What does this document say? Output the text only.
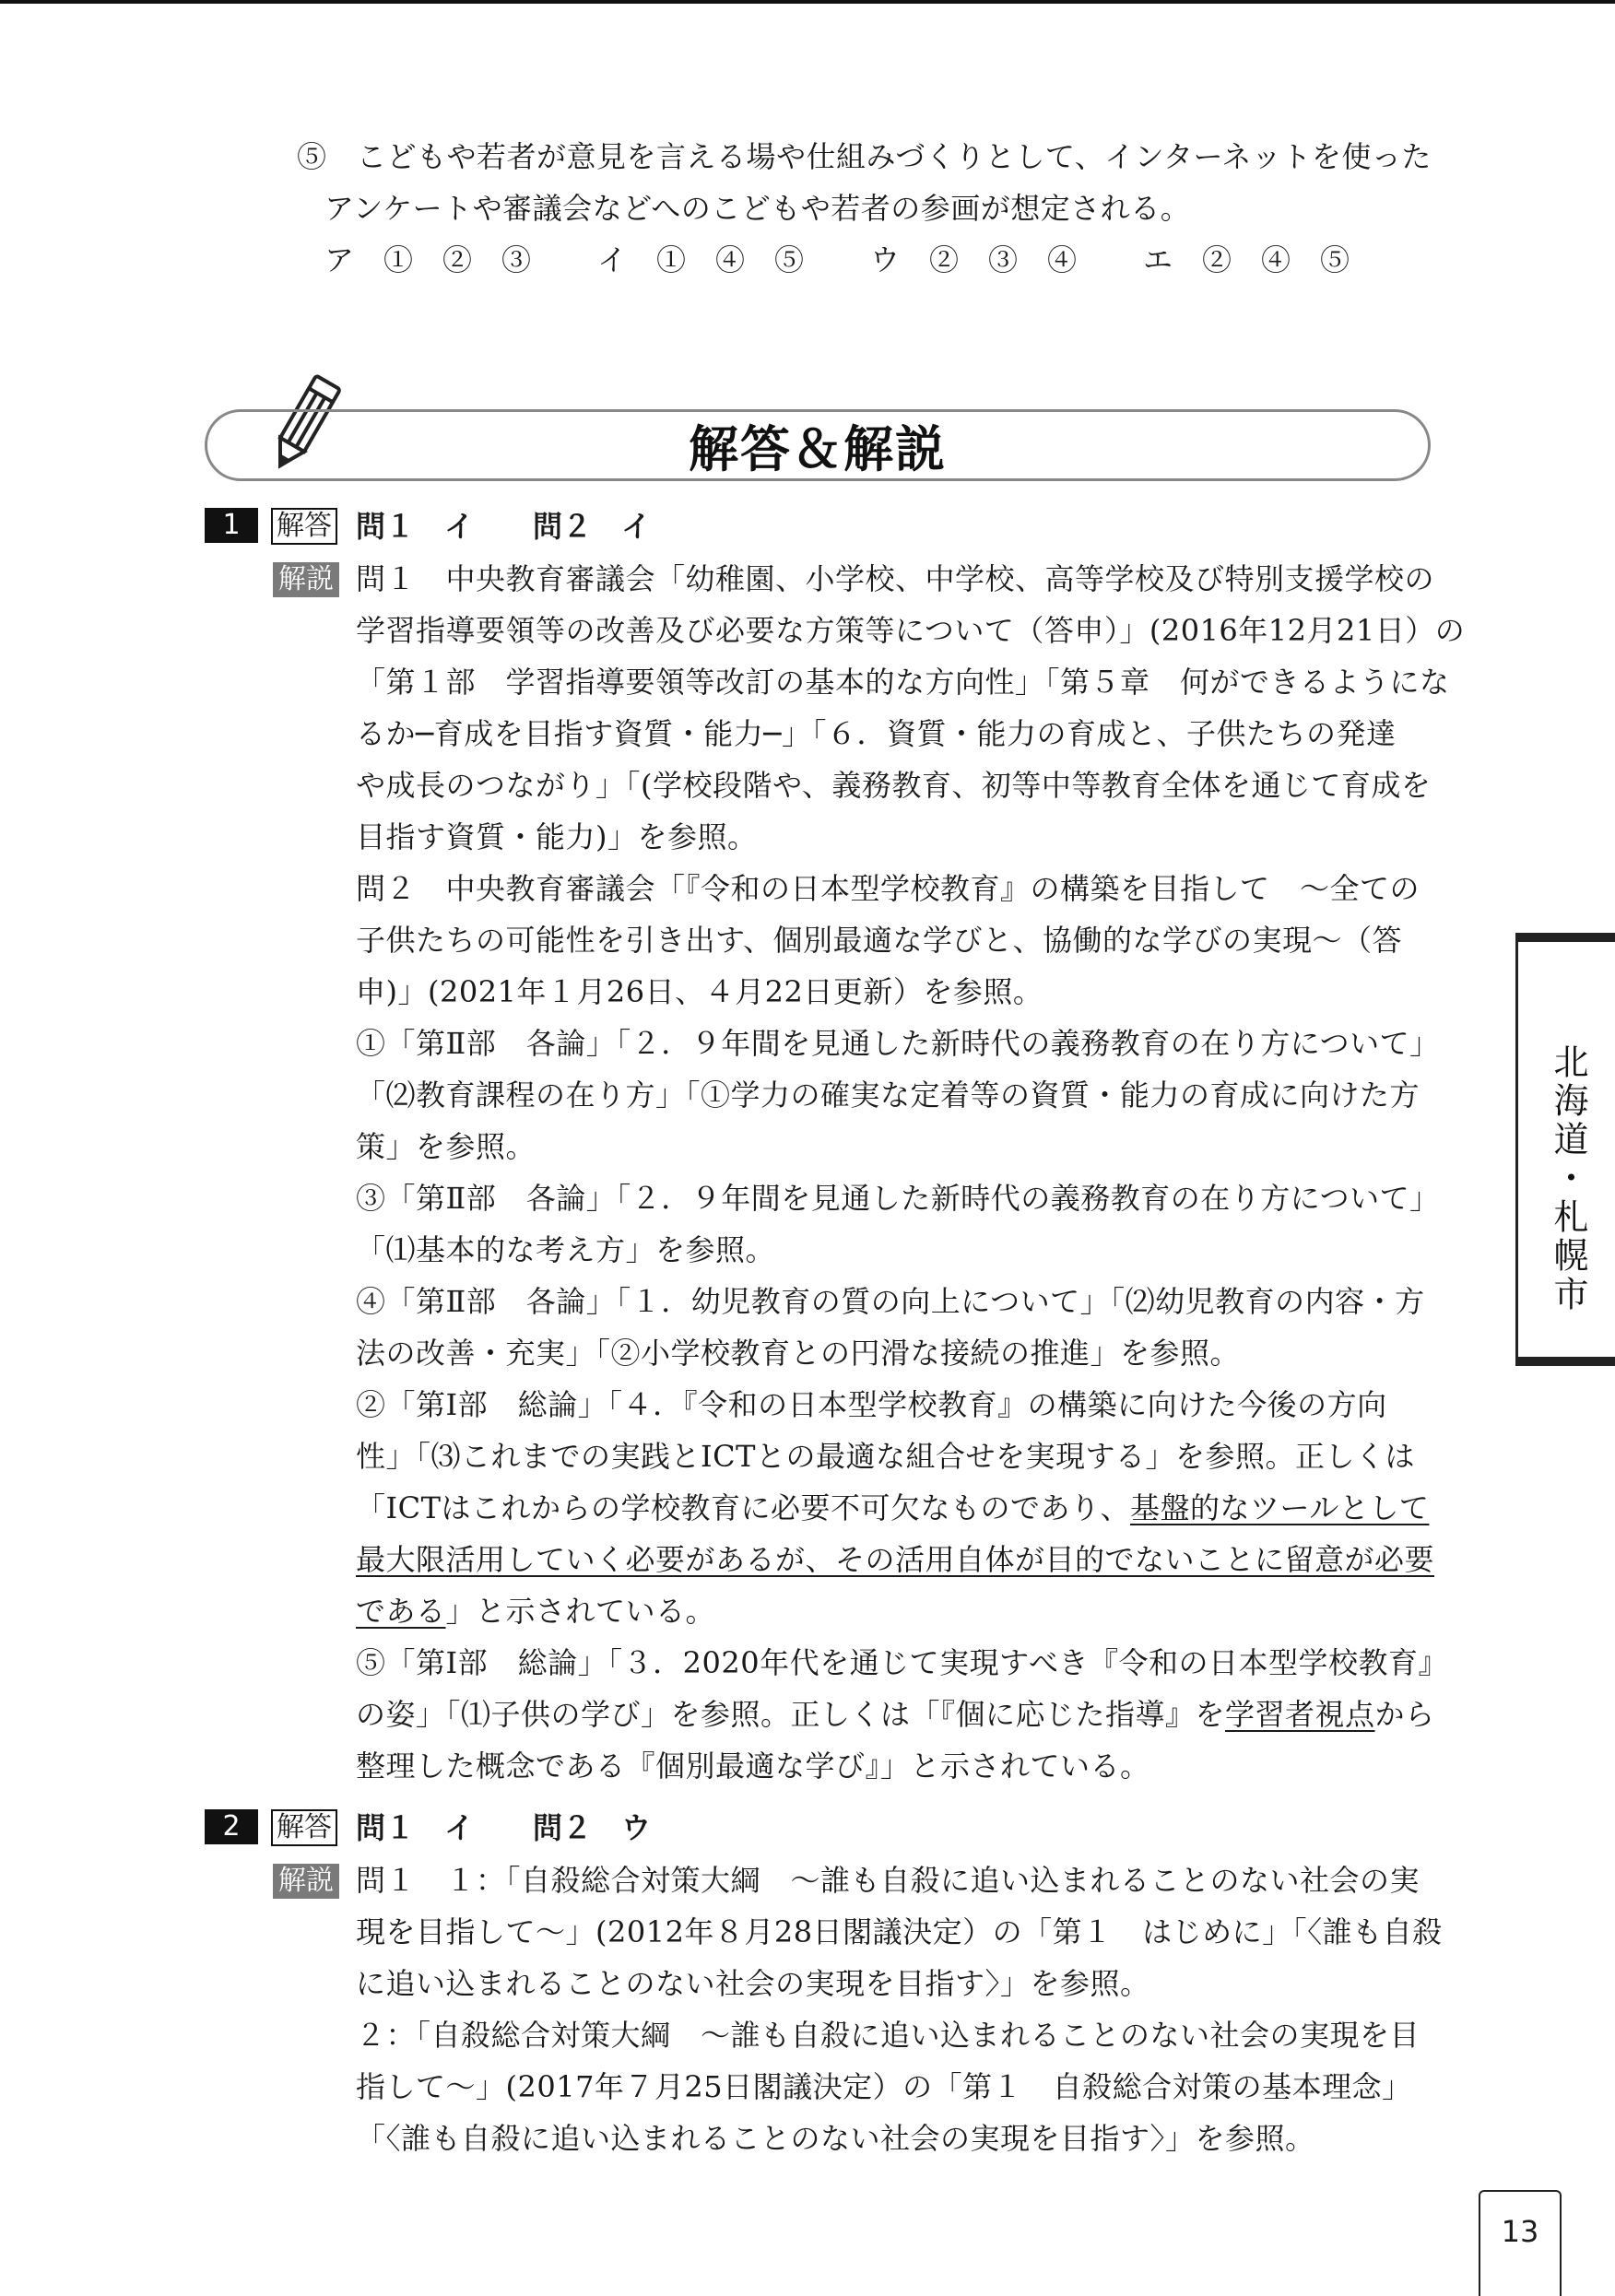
⑤　こどもや若者が意見を言える場や仕組みづくりとして、インターネットを使った
アンケートや審議会などへのこどもや若者の参画が想定される。
ア　①　②　③	イ　①　④　⑤	ウ　②　③　④	エ　②　④　⑤
解答＆解説
1	解答 問１　イ　　問２　イ
解説 問１　中央教育審議会「幼稚園、小学校、中学校、高等学校及び特別支援学校の
学習指導要領等の改善及び必要な方策等について（答申）」(2016年12月21日）の
「第１部　学習指導要領等改訂の基本的な方向性」「第５章　何ができるようにな
るか─育成を目指す資質・能力─」「６．資質・能力の育成と、子供たちの発達
や成長のつながり」「(学校段階や、義務教育、初等中等教育全体を通じて育成を
目指す資質・能力)」を参照。
問２　中央教育審議会「『令和の日本型学校教育』の構築を目指して　～全ての
子供たちの可能性を引き出す、個別最適な学びと、協働的な学びの実現～（答
申)」(2021年１月26日、４月22日更新）を参照。
①「第Ⅱ部　各論」「２．９年間を見通した新時代の義務教育の在り方について」
「⑵教育課程の在り方」「①学力の確実な定着等の資質・能力の育成に向けた方
策」を参照。
③「第Ⅱ部　各論」「２．９年間を見通した新時代の義務教育の在り方について」
「⑴基本的な考え方」を参照。
④「第Ⅱ部　各論」「１．幼児教育の質の向上について」「⑵幼児教育の内容・方
法の改善・充実」「②小学校教育との円滑な接続の推進」を参照。
②「第Ⅰ部　総論」「４．『令和の日本型学校教育』の構築に向けた今後の方向
性」「⑶これまでの実践とICTとの最適な組合せを実現する」を参照。正しくは
「ICTはこれからの学校教育に必要不可欠なものであり、基盤的なツールとして
最大限活用していく必要があるが、その活用自体が目的でないことに留意が必要
である」と示されている。
⑤「第Ⅰ部　総論」「３．2020年代を通じて実現すべき『令和の日本型学校教育』
の姿」「⑴子供の学び」を参照。正しくは「『個に応じた指導』を学習者視点から
整理した概念である『個別最適な学び』」と示されている。
2	解答 問１　イ　　問２　ウ
解説 問１　１：「自殺総合対策大綱　～誰も自殺に追い込まれることのない社会の実
現を目指して～」(2012年８月28日閣議決定）の「第１　はじめに」「〈誰も自殺
に追い込まれることのない社会の実現を目指す〉」を参照。
２：「自殺総合対策大綱　～誰も自殺に追い込まれることのない社会の実現を目
指して～」(2017年７月25日閣議決定）の「第１　自殺総合対策の基本理念」
「〈誰も自殺に追い込まれることのない社会の実現を目指す〉」を参照。
北海道・札幌市
13
